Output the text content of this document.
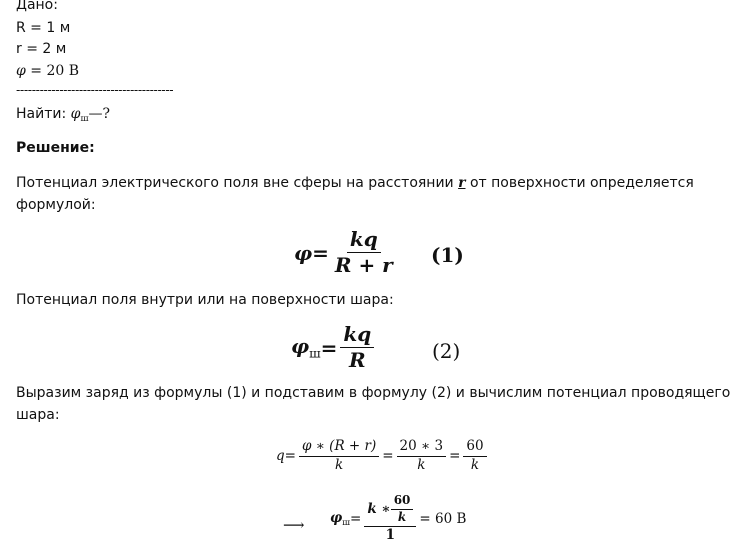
Дано:
R = 1 м
r = 2 м
φ = 20 В
----------------------------------------
Найти: $\varphi_ш—$?
Решение:
Потенциал электрического поля вне сферы на расстоянии r от поверхности определяется
формулой:
$\varphi = \frac{kq}{R + r} (1)$
Потенциал поля внутри или на поверхности шара:
$\varphi_ш = \frac{kq}{R}$	(2)
Выразим заряд из формулы (1) и подставим в формулу (2) и вычислим потенциал проводящего
шара:
$q = \frac{\varphi ∗ (R + r)}{k} = \frac{20 ∗ 3}{k} = \frac{60}{k}$
⟶ $\varphi_ш = \frac{k ∗ \frac{60}{k}}{1} = 60$ В
